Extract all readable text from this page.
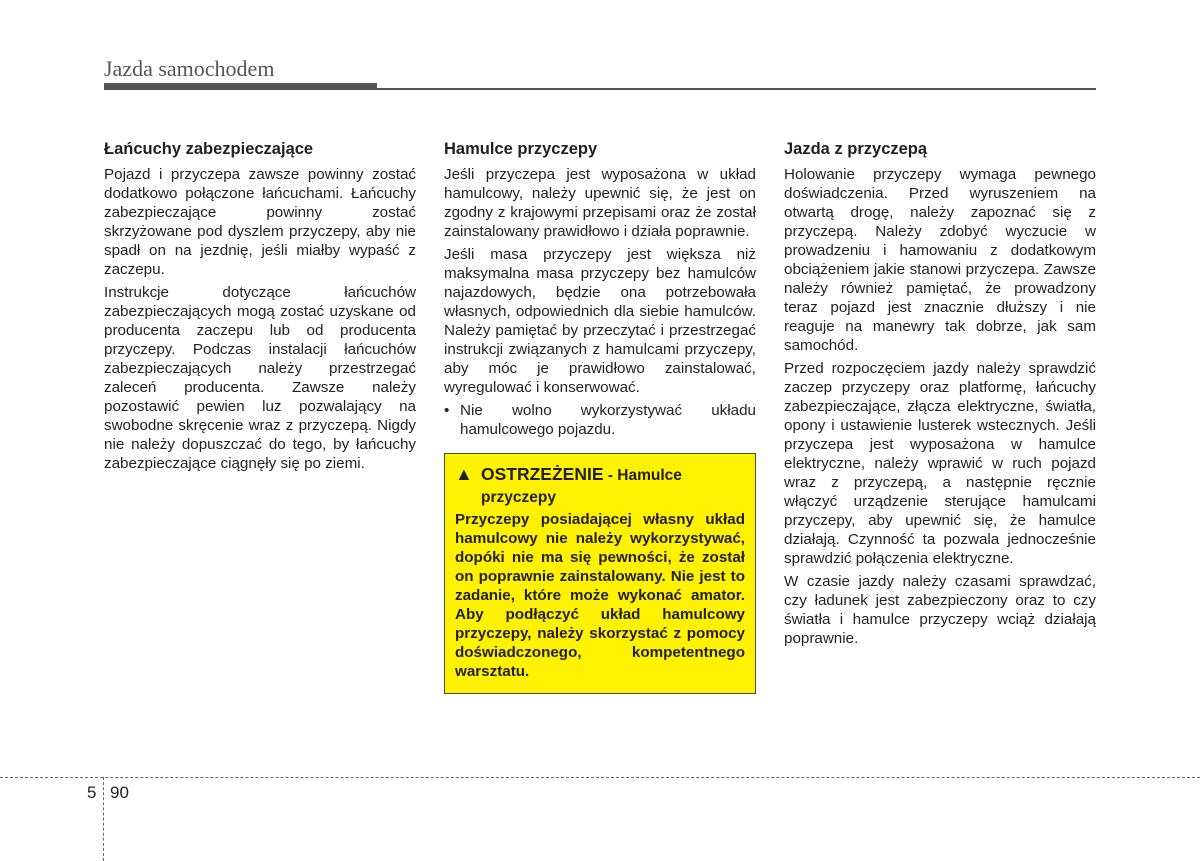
Jazda samochodem
Łańcuchy zabezpieczające

Pojazd i przyczepa zawsze powinny zostać dodatkowo połączone łańcuchami. Łańcuchy zabezpieczające powinny zostać skrzyżowane pod dyszlem przyczepy, aby nie spadł on na jezdnię, jeśli miałby wypaść z zaczepu.

Instrukcje dotyczące łańcuchów zabezpieczających mogą zostać uzyskane od producenta zaczepu lub od producenta przyczepy. Podczas instalacji łańcuchów zabezpieczających należy przestrzegać zaleceń producenta. Zawsze należy pozostawić pewien luz pozwalający na swobodne skręcenie wraz z przyczepą. Nigdy nie należy dopuszczać do tego, by łańcuchy zabezpieczające ciągnęły się po ziemi.

Hamulce przyczepy

Jeśli przyczepa jest wyposażona w układ hamulcowy, należy upewnić się, że jest on zgodny z krajowymi przepisami oraz że został zainstalowany prawidłowo i działa poprawnie.

Jeśli masa przyczepy jest większa niż maksymalna masa przyczepy bez hamulców najazdowych, będzie ona potrzebowała własnych, odpowiednich dla siebie hamulców. Należy pamiętać by przeczytać i przestrzegać instrukcji związanych z hamulcami przyczepy, aby móc je prawidłowo zainstalować, wyregulować i konserwować.

• Nie wolno wykorzystywać układu hamulcowego pojazdu.
▲ OSTRZEŻENIE - Hamulce
przyczepy
Przyczepy posiadającej własny układ hamulcowy nie należy wykorzystywać, dopóki nie ma się pewności, że został on poprawnie zainstalowany. Nie jest to zadanie, które może wykonać amator. Aby podłączyć układ hamulcowy przyczepy, należy skorzystać z pomocy doświadczonego, kompetentnego warsztatu.
Jazda z przyczepą

Holowanie przyczepy wymaga pewnego doświadczenia. Przed wyruszeniem na otwartą drogę, należy zapoznać się z przyczepą. Należy zdobyć wyczucie w prowadzeniu i hamowaniu z dodatkowym obciążeniem jakie stanowi przyczepa. Zawsze należy również pamiętać, że prowadzony teraz pojazd jest znacznie dłuższy i nie reaguje na manewry tak dobrze, jak sam samochód.

Przed rozpoczęciem jazdy należy sprawdzić zaczep przyczepy oraz platformę, łańcuchy zabezpieczające, złącza elektryczne, światła, opony i ustawienie lusterek wstecznych. Jeśli przyczepa jest wyposażona w hamulce elektryczne, należy wprawić w ruch pojazd wraz z przyczepą, a następnie ręcznie włączyć urządzenie sterujące hamulcami przyczepy, aby upewnić się, że hamulce działają. Czynność ta pozwala jednocześnie sprawdzić połączenia elektryczne.

W czasie jazdy należy czasami sprawdzać, czy ładunek jest zabezpieczony oraz to czy światła i hamulce przyczepy wciąż działają poprawnie.

5 90
